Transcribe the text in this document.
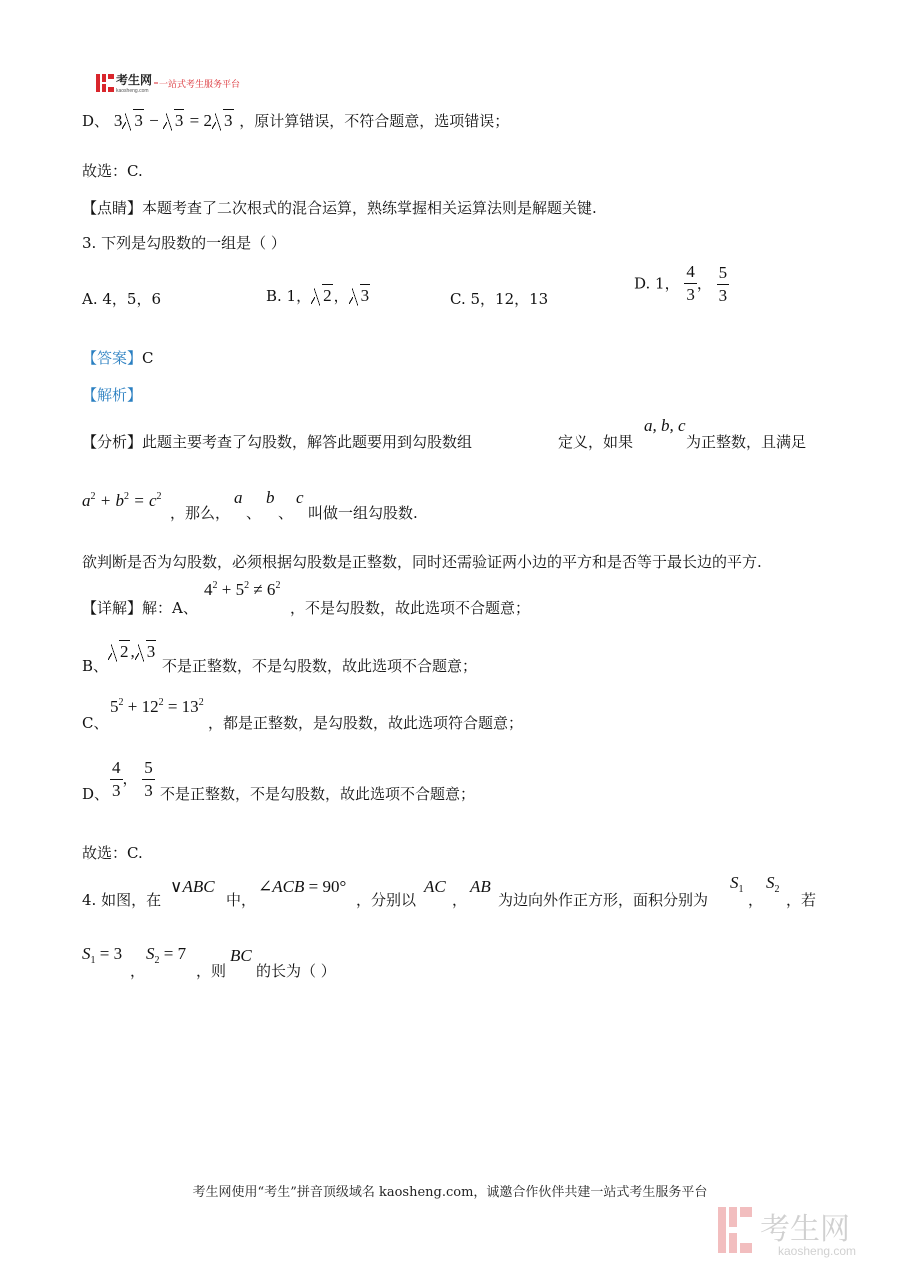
考生网
kaosheng.com
一站式考生服务平台
D、 3 3 − 3 = 2 3 ，原计算错误，不符合题意，选项错误；
故选：C.
【点睛】本题考查了二次根式的混合运算，熟练掌握相关运算法则是解题关键.
3. 下列是勾股数的一组是（ ）
A. 4，5，6	B. 1， 2 ， 3	C. 5，12，13
D. 1， $\frac{4}{3}$ ， $\frac{5}{3}$
【答案】C
【解析】
【分析】此题主要考查了勾股数，解答此题要用到勾股数组	定义，如果
a, b, c
为正整数，且满足
$a^2 + b^2 = c^2$
，那么，
a
、
b
、
c
叫做一组勾股数.
欲判断是否为勾股数，必须根据勾股数是正整数，同时还需验证两小边的平方和是否等于最长边的平方.
【详解】解：A、
$4^2 + 5^2 \ne 6^2$
，不是勾股数，故此选项不合题意；
B、
2 , 3
不是正整数，不是勾股数，故此选项不合题意；
C、
$5^2 + 12^2 = 13^2$
，都是正整数，是勾股数，故此选项符合题意；
D、 $\frac{4}{3}$ ， $\frac{5}{3}$ 不是正整数，不是勾股数，故此选项不合题意；
故选：C.
4. 如图，在
∨ABC
中，
∠ACB = 90°
，分别以
AC
，
AB
为边向外作正方形，面积分别为
$S_1$
，
$S_2$
，若
$S_1 = 3$
，
$S_2 = 7$
，则
BC
的长为（ ）
考生网使用“考生”拼音顶级域名 kaosheng.com，诚邀合作伙伴共建一站式考生服务平台
考生网
kaosheng.com
